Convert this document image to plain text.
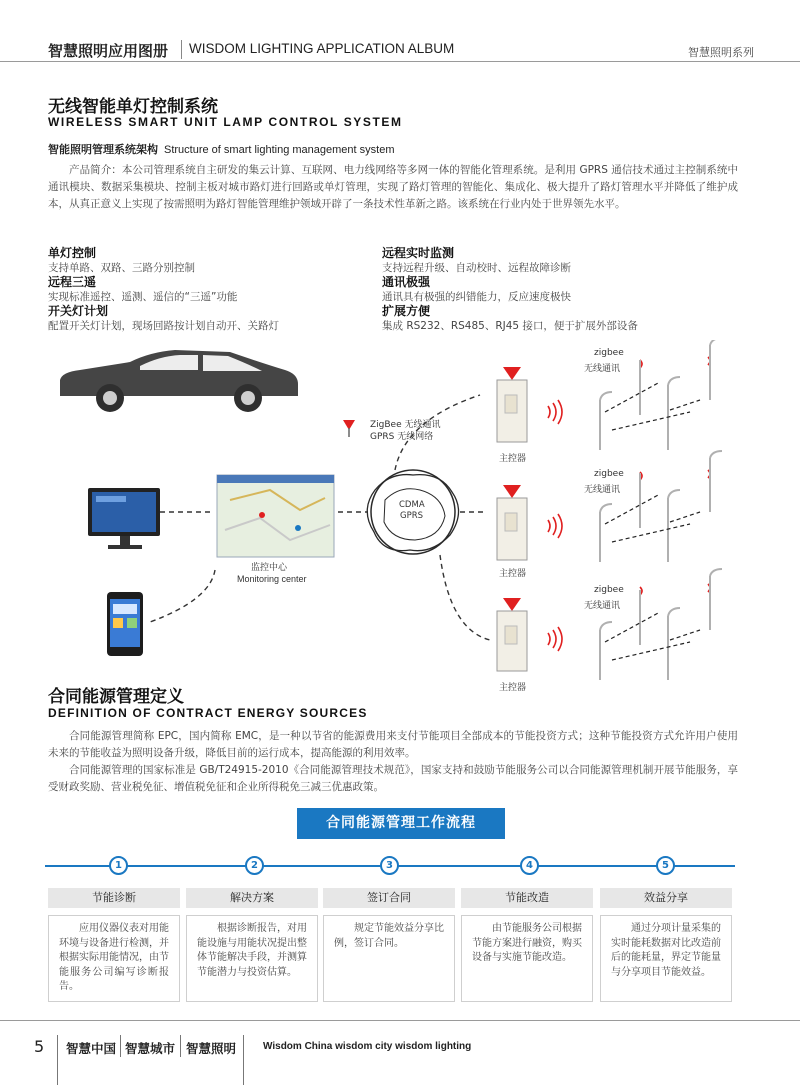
智慧照明应用图册 WISDOM LIGHTING APPLICATION ALBUM	智慧照明系列
无线智能单灯控制系统
WIRELESS SMART UNIT LAMP CONTROL SYSTEM
智能照明管理系统架构 Structure of smart lighting management system

产品简介：本公司管理系统自主研发的集云计算、互联网、电力线网络等多网一体的智能化管理系统。是利用 GPRS 通信技术通过主控制系统中通讯模块、数据采集模块、控制主板对城市路灯进行回路或单灯管理，实现了路灯管理的智能化、集成化、极大提升了路灯管理水平并降低了维护成本，从真正意义上实现了按需照明为路灯智能管理维护领域开辟了一条技术性革新之路。该系统在行业内处于世界领先水平。

单灯控制
支持单路、双路、三路分别控制
远程三遥
实现标准遥控、遥测、遥信的“三遥”功能
开关灯计划
配置开关灯计划，现场回路按计划自动开、关路灯
远程实时监测
支持远程升级、自动校时、远程故障诊断
通讯极强
通讯具有极强的纠错能力，反应速度极快
扩展方便
集成 RS232、RS485、RJ45 接口，便于扩展外部设备
ZigBee 无线通讯
GPRS 无线网络
CDMA
GPRS
监控中心
Monitoring center
主控器
主控器
主控器
zigbee
无线通讯
zigbee
无线通讯
zigbee
无线通讯
合同能源管理定义
DEFINITION OF CONTRACT ENERGY SOURCES

合同能源管理简称 EPC，国内简称 EMC，是一种以节省的能源费用来支付节能项目全部成本的节能投资方式；这种节能投资方式允许用户使用未来的节能收益为照明设备升级，降低目前的运行成本，提高能源的利用效率。

合同能源管理的国家标准是 GB/T24915-2010《合同能源管理技术规范》，国家支持和鼓励节能服务公司以合同能源管理机制开展节能服务，享受财政奖励、营业税免征、增值税免征和企业所得税免三减三优惠政策。

合同能源管理工作流程
1	2	3	4	5
节能诊断	解决方案	签订合同	节能改造	效益分享

应用仪器仪表对用能环境与设备进行检测，并根据实际用能情况，由节能服务公司编写诊断报告。

根据诊断报告，对用能设施与用能状况提出整体节能解决手段，并测算节能潜力与投资估算。

规定节能效益分享比例，签订合同。

由节能服务公司根据节能方案进行融资，购买设备与实施节能改造。

通过分项计量采集的实时能耗数据对比改造前后的能耗量，界定节能量与分享项目节能效益。

5 智慧中国 智慧城市 智慧照明	Wisdom China wisdom city wisdom lighting
